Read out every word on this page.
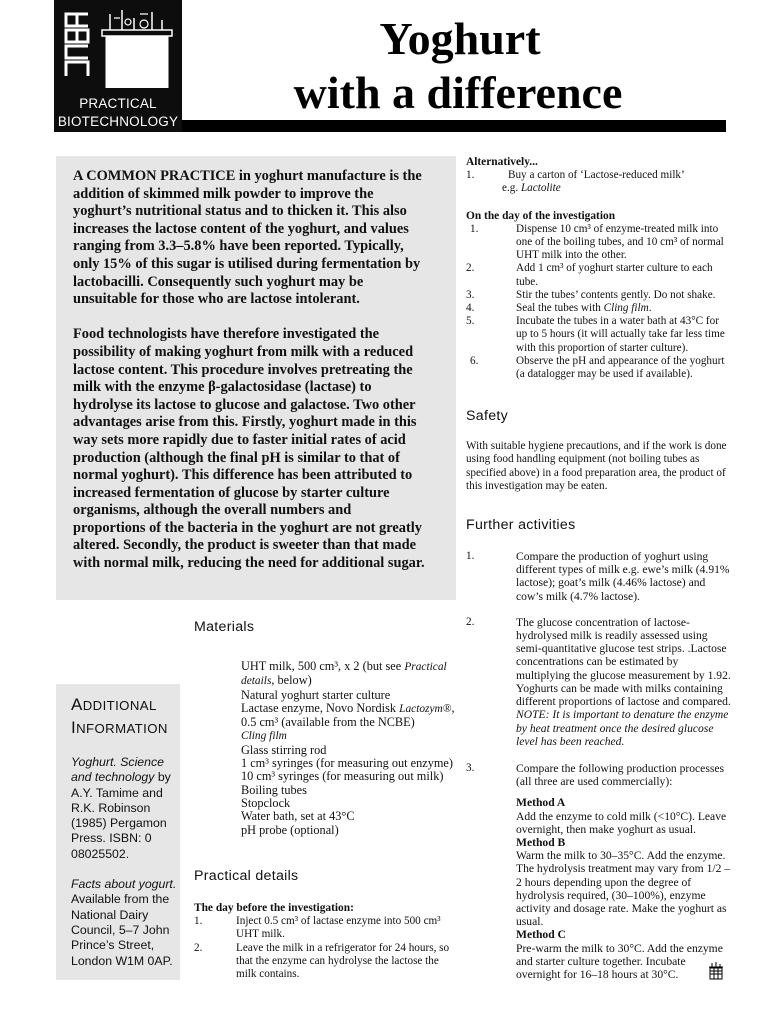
PRACTICAL
BIOTECHNOLOGY
Yoghurt
with a difference

A COMMON PRACTICE in yoghurt manufacture is the addition of skimmed milk powder to improve the yoghurt’s nutritional status and to thicken it. This also increases the lactose content of the yoghurt, and values ranging from 3.3–5.8% have been reported. Typically, only 15% of this sugar is utilised during fermentation by lactobacilli. Consequently such yoghurt may be unsuitable for those who are lactose intolerant.

Food technologists have therefore investigated the possibility of making yoghurt from milk with a reduced lactose content. This procedure involves pretreating the milk with the enzyme β-galactosidase (lactase) to hydrolyse its lactose to glucose and galactose. Two other advantages arise from this. Firstly, yoghurt made in this way sets more rapidly due to faster initial rates of acid production (although the final pH is similar to that of normal yoghurt). This difference has been attributed to increased fermentation of glucose by starter culture organisms, although the overall numbers and proportions of the bacteria in the yoghurt are not greatly altered. Secondly, the product is sweeter than that made with normal milk, reducing the need for additional sugar.

Materials
UHT milk, 500 cm³, x 2 (but see Practical details, below)
Natural yoghurt starter culture
Lactase enzyme, Novo Nordisk Lactozym®, 0.5 cm³ (available from the NCBE)
Cling film
Glass stirring rod
1 cm³ syringes (for measuring out enzyme)
10 cm³ syringes (for measuring out milk)
Boiling tubes
Stopclock
Water bath, set at 43°C
pH probe (optional)
ADDITIONAL
INFORMATION
Yoghurt. Science and technology by A.Y. Tamime and R.K. Robinson (1985) Pergamon Press. ISBN: 0 08025502.
Facts about yogurt. Available from the National Dairy Council, 5–7 John Prince’s Street, London W1M 0AP.
Practical details
The day before the investigation:
1.	Inject 0.5 cm³ of lactase enzyme into 500 cm³ UHT milk.
2.	Leave the milk in a refrigerator for 24 hours, so that the enzyme can hydrolyse the lactose the milk contains.
Alternatively...
1.	Buy a carton of ‘Lactose-reduced milk’
e.g. Lactolite
On the day of the investigation
1.	Dispense 10 cm³ of enzyme-treated milk into one of the boiling tubes, and 10 cm³ of normal UHT milk into the other.
2.	Add 1 cm³ of yoghurt starter culture to each tube.
3.	Stir the tubes’ contents gently. Do not shake.
4.	Seal the tubes with Cling film.
5.	Incubate the tubes in a water bath at 43°C for up to 5 hours (it will actually take far less time with this proportion of starter culture).
6.	Observe the pH and appearance of the yoghurt (a datalogger may be used if available).
Safety
With suitable hygiene precautions, and if the work is done using food handling equipment (not boiling tubes as specified above) in a food preparation area, the product of this investigation may be eaten.
Further activities
1.	Compare the production of yoghurt using different types of milk e.g. ewe’s milk (4.91% lactose); goat’s milk (4.46% lactose) and cow’s milk (4.7% lactose).
2.	The glucose concentration of lactose-hydrolysed milk is readily assessed using semi-quantitative glucose test strips. .Lactose concentrations can be estimated by multiplying the glucose measurement by 1.92. Yoghurts can be made with milks containing different proportions of lactose and compared. NOTE: It is important to denature the enzyme by heat treatment once the desired glucose level has been reached.
3.	Compare the following production processes (all three are used commercially):
Method A
Add the enzyme to cold milk (<10°C). Leave overnight, then make yoghurt as usual.
Method B
Warm the milk to 30–35°C. Add the enzyme. The hydrolysis treatment may vary from 1/2 – 2 hours depending upon the degree of hydrolysis required, (30–100%), enzyme activity and dosage rate. Make the yoghurt as usual.
Method C
Pre-warm the milk to 30°C. Add the enzyme and starter culture together. Incubate overnight for 16–18 hours at 30°C.
